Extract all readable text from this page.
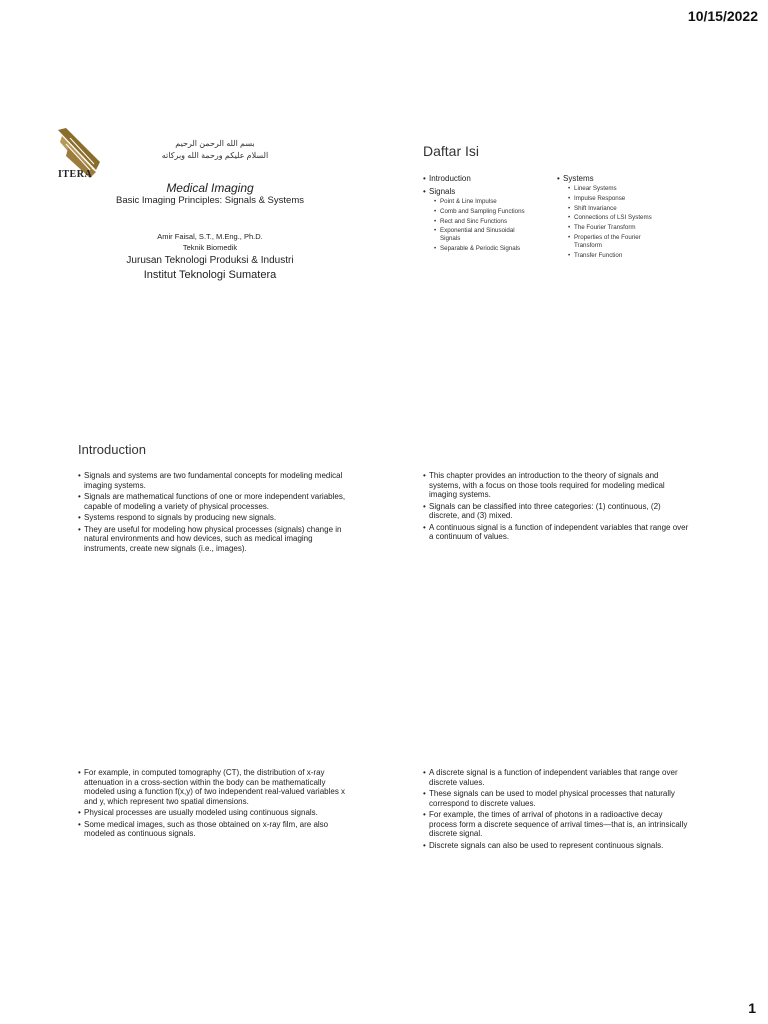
10/15/2022
1
ITERA
بسم الله الرحمن الرحيم
السلام عليكم ورحمة الله وبركاته
Medical Imaging
Basic Imaging Principles: Signals & Systems
Amir Faisal, S.T., M.Eng., Ph.D.
Teknik Biomedik
Jurusan Teknologi Produksi & Industri
Institut Teknologi Sumatera
Daftar Isi
• Introduction
• Signals
• Point & Line Impulse
• Comb and Sampling Functions
• Rect and Sinc Functions
• Exponential and Sinusoidal Signals
• Separable & Periodic Signals
• Systems
• Linear Systems
• Impulse Response
• Shift Invariance
• Connections of LSI Systems
• The Fourier Transform
• Properties of the Fourier Transform
• Transfer Function
Introduction
• Signals and systems are two fundamental concepts for modeling medical imaging systems.
• Signals are mathematical functions of one or more independent variables, capable of modeling a variety of physical processes.
• Systems respond to signals by producing new signals.
• They are useful for modeling how physical processes (signals) change in natural environments and how devices, such as medical imaging instruments, create new signals (i.e., images).
• This chapter provides an introduction to the theory of signals and systems, with a focus on those tools required for modeling medical imaging systems.
• Signals can be classified into three categories: (1) continuous, (2) discrete, and (3) mixed.
• A continuous signal is a function of independent variables that range over a continuum of values.
• For example, in computed tomography (CT), the distribution of x-ray attenuation in a cross-section within the body can be mathematically modeled using a function f(x,y) of two independent real-valued variables x and y, which represent two spatial dimensions.
• Physical processes are usually modeled using continuous signals.
• Some medical images, such as those obtained on x-ray film, are also modeled as continuous signals.
• A discrete signal is a function of independent variables that range over discrete values.
• These signals can be used to model physical processes that naturally correspond to discrete values.
• For example, the times of arrival of photons in a radioactive decay process form a discrete sequence of arrival times—that is, an intrinsically discrete signal.
• Discrete signals can also be used to represent continuous signals.
